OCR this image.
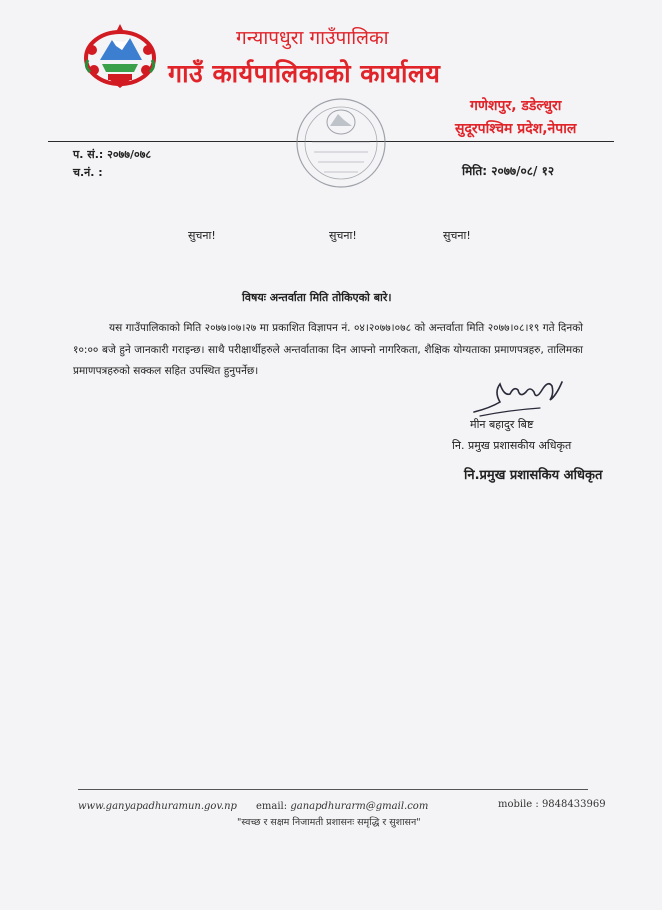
गन्यापधुरा गाउँपालिका
गाउँ कार्यपालिकाको कार्यालय
गणेशपुर, डडेल्धुरा
सुदूरपश्चिम प्रदेश,नेपाल
प. सं.: २०७७/०७८
च.नं. :	मिति: २०७७/०८/ १२
सुचना!	सुचना!	सुचना!
विषयः अन्तर्वाता मिति तोकिएको बारे।
यस गाउँपालिकाको मिति २०७७।०७।२७ मा प्रकाशित विज्ञापन नं. ०४।२०७७।०७८ को अन्तर्वाता मिति २०७७।०८।१९ गते दिनको १०:०० बजे हुने जानकारी गराइन्छ। साथै परीक्षार्थीहरुले अन्तर्वाताका दिन आफ्नो नागरिकता, शैक्षिक योग्यताका प्रमाणपत्रहरु, तालिमका प्रमाणपत्रहरुको सक्कल सहित उपस्थित हुनुपर्नेछ।
मीन बहादुर बिष्ट
नि. प्रमुख प्रशासकीय अधिकृत
नि.प्रमुख प्रशासकिय अधिकृत
www.ganyapadhuramun.gov.np email: ganapdhurarm@gmail.com	mobile : 9848433969
"स्वच्छ र सक्षम निजामती प्रशासनः समृद्धि र सुशासन"
